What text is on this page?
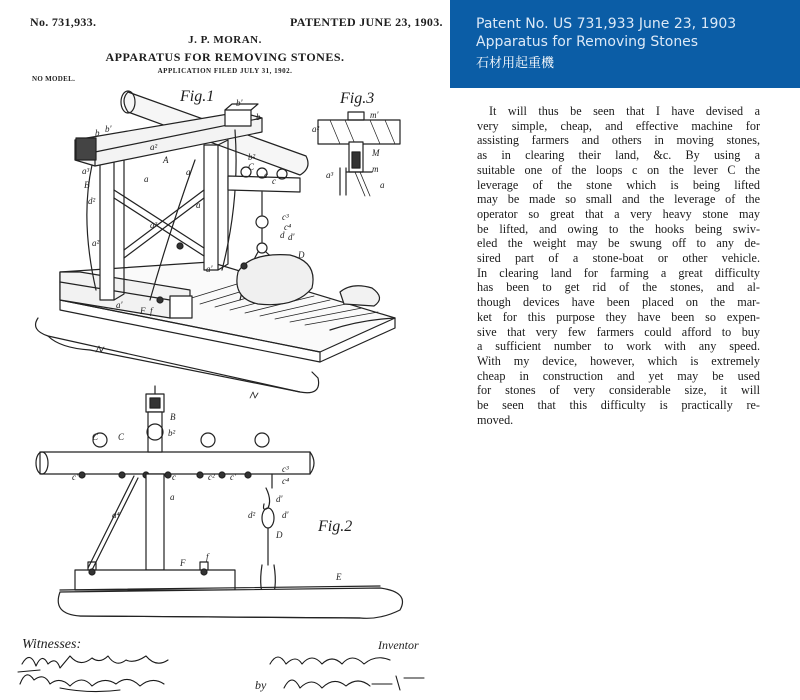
b'
b
b b'
a²
A
a³
B
d²
a
a
a³
a
a²
a'
a'
F f
b²
C
c
c
c³
c⁴
d d'
D
a²
m'
M
m
a³
a
B
b²
C C
c'	c	c² c'
c³
c⁴
a	d'
d²	d'
D
a⁴
F
f
E
No. 731,933.	PATENTED JUNE 23, 1903.
J. P. MORAN.
APPARATUS FOR REMOVING STONES.
APPLICATION FILED JULY 31, 1902.
NO MODEL.
Fig.1	Fig.3
Fig.2
Witnesses:	Inventor
by
Patent No. US 731,933 June 23, 1903
Apparatus for Removing Stones
石材用起重機
It will thus be seen that I have devised a
very simple, cheap, and effective machine for
assisting farmers and others in moving stones,
as in clearing their land, &c. By using a
suitable one of the loops c on the lever C the
leverage of the stone which is being lifted
may be made so small and the leverage of the
operator so great that a very heavy stone may
be lifted, and owing to the hooks being swiv-
eled the weight may be swung off to any de-
sired part of a stone-boat or other vehicle.
In clearing land for farming a great difficulty
has been to get rid of the stones, and al-
though devices have been placed on the mar-
ket for this purpose they have been so expen-
sive that very few farmers could afford to buy
a sufficient number to work with any speed.
With my device, however, which is extremely
cheap in construction and yet may be used
for stones of very considerable size, it will
be seen that this difficulty is practically re-
moved.
